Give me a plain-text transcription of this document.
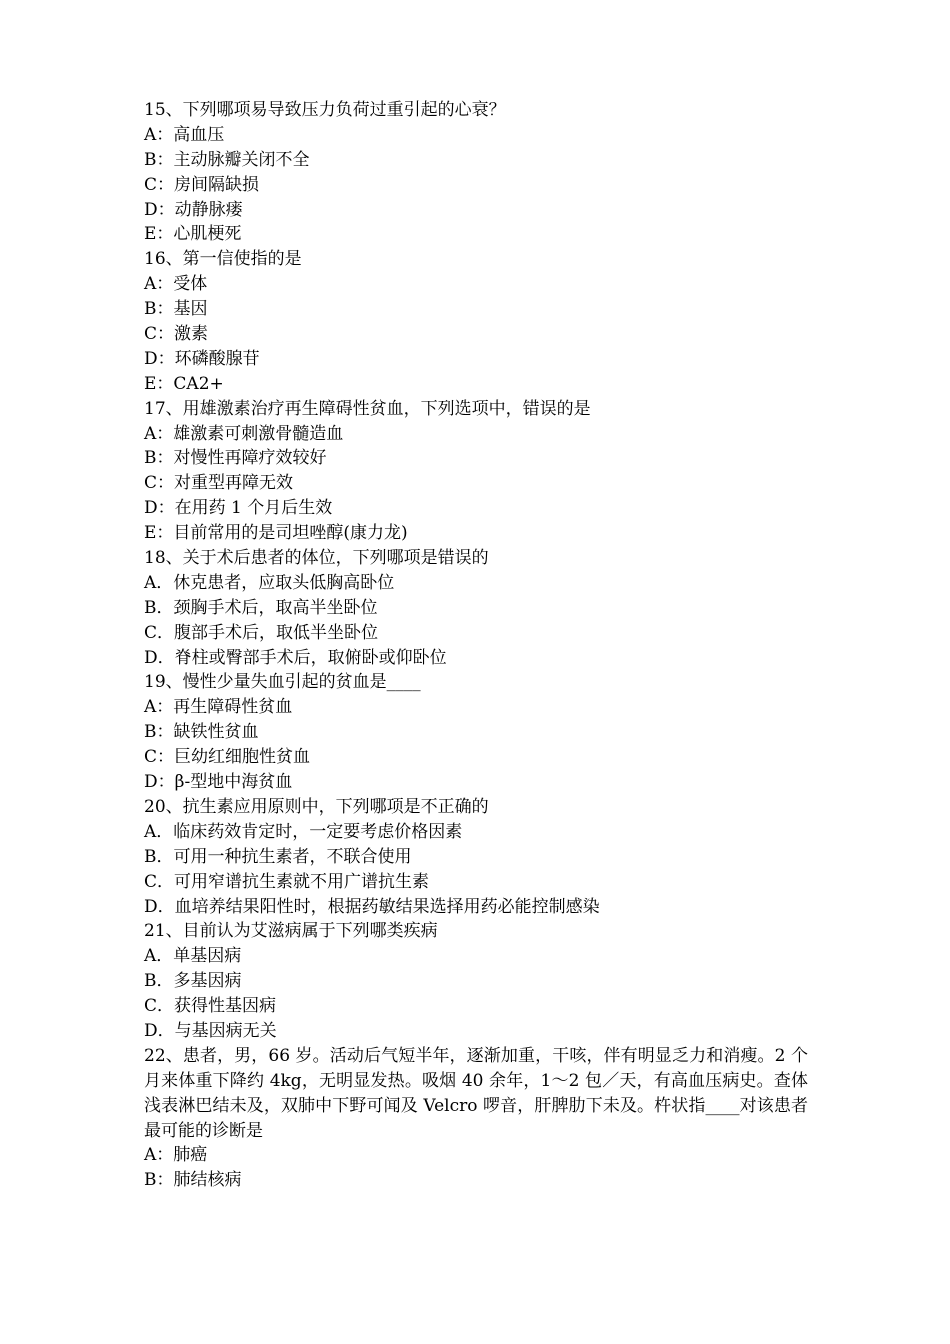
15、下列哪项易导致压力负荷过重引起的心衰？
A：高血压
B：主动脉瓣关闭不全
C：房间隔缺损
D：动静脉瘘
E：心肌梗死
16、第一信使指的是
A：受体
B：基因
C：激素
D：环磷酸腺苷
E：CA2+
17、用雄激素治疗再生障碍性贫血，下列选项中，错误的是
A：雄激素可刺激骨髓造血
B：对慢性再障疗效较好
C：对重型再障无效
D：在用药 1 个月后生效
E：目前常用的是司坦唑醇(康力龙)
18、关于术后患者的体位，下列哪项是错误的
A．休克患者，应取头低胸高卧位
B．颈胸手术后，取高半坐卧位
C．腹部手术后，取低半坐卧位
D．脊柱或臀部手术后，取俯卧或仰卧位
19、慢性少量失血引起的贫血是____
A：再生障碍性贫血
B：缺铁性贫血
C：巨幼红细胞性贫血
D：β-型地中海贫血
20、抗生素应用原则中，下列哪项是不正确的
A．临床药效肯定时，一定要考虑价格因素
B．可用一种抗生素者，不联合使用
C．可用窄谱抗生素就不用广谱抗生素
D．血培养结果阳性时，根据药敏结果选择用药必能控制感染
21、目前认为艾滋病属于下列哪类疾病
A．单基因病
B．多基因病
C．获得性基因病
D．与基因病无关
22、患者，男，66 岁。活动后气短半年，逐渐加重，干咳，伴有明显乏力和消瘦。2 个月来体重下降约 4kg，无明显发热。吸烟 40 余年，1～2 包／天，有高血压病史。查体浅表淋巴结未及，双肺中下野可闻及 Velcro 啰音，肝脾肋下未及。杵状指____对该患者最可能的诊断是
A：肺癌
B：肺结核病
